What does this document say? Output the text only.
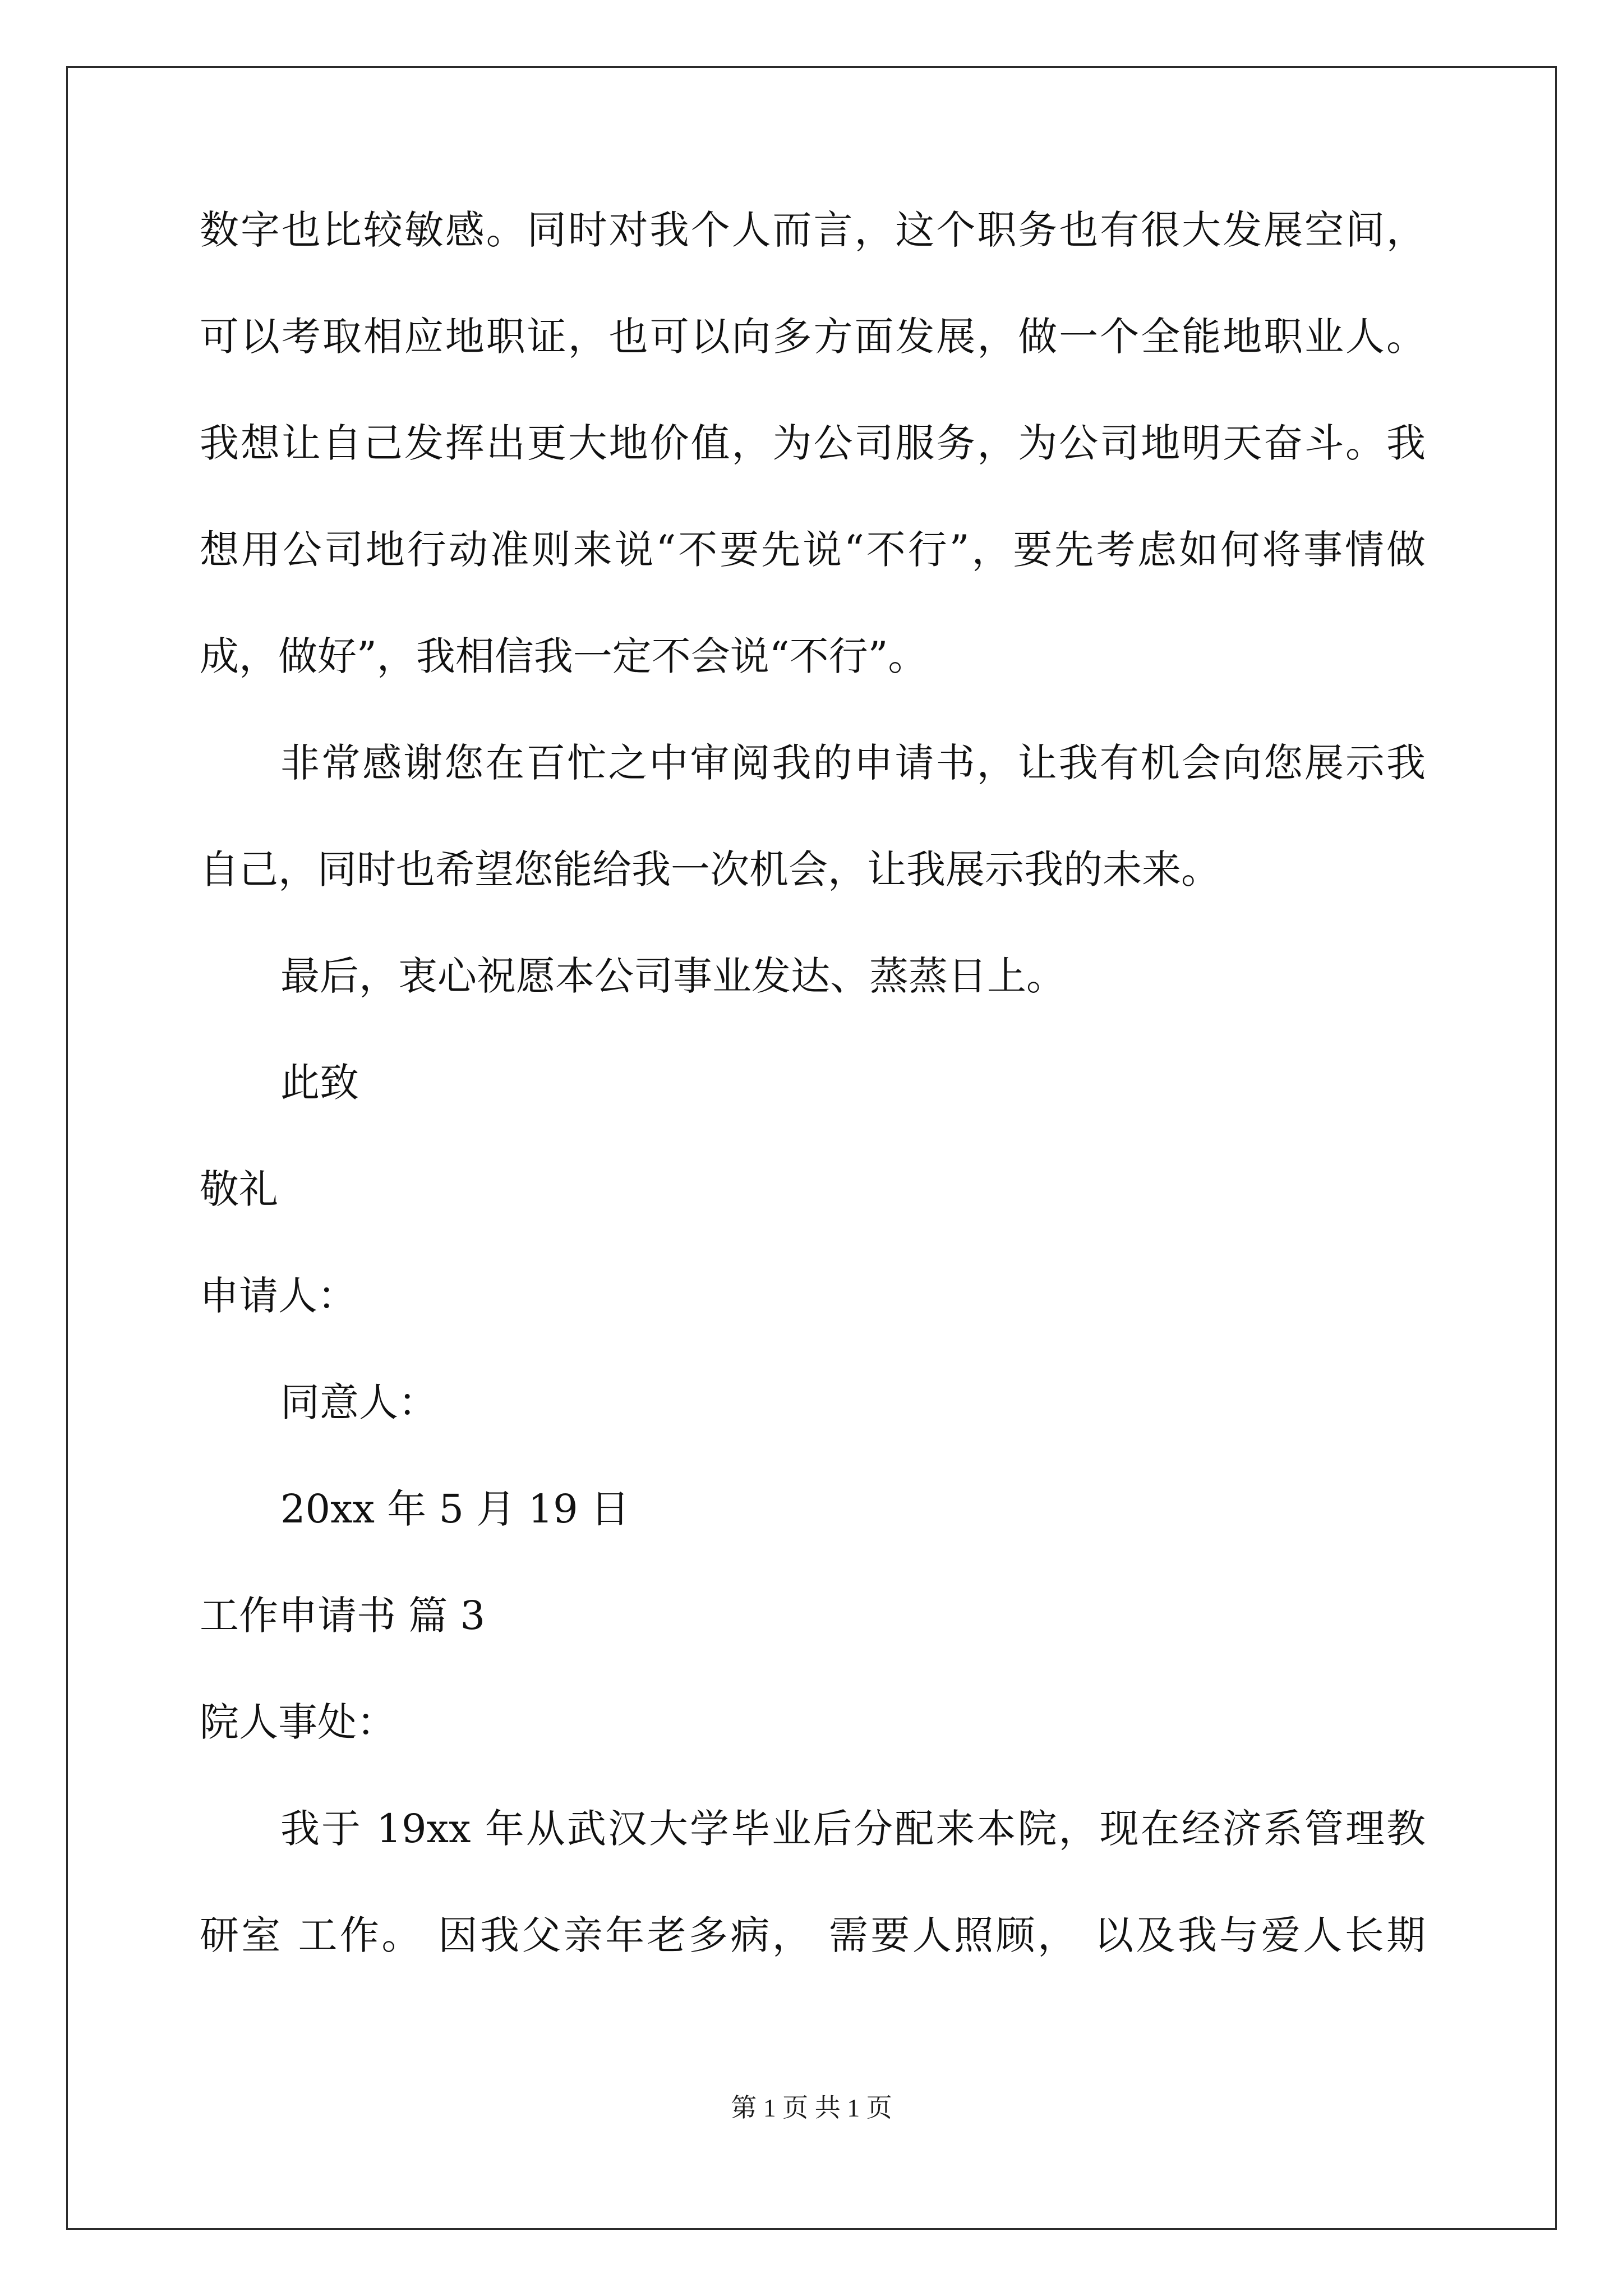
数字也比较敏感。同时对我个人而言，这个职务也有很大发展空间，
可以考取相应地职证，也可以向多方面发展，做一个全能地职业人。
我想让自己发挥出更大地价值，为公司服务，为公司地明天奋斗。我
想用公司地行动准则来说“不要先说“不行”，要先考虑如何将事情做
成，做好”，我相信我一定不会说“不行”。
非常感谢您在百忙之中审阅我的申请书，让我有机会向您展示我
自己，同时也希望您能给我一次机会，让我展示我的未来。
最后，衷心祝愿本公司事业发达、蒸蒸日上。
此致
敬礼
申请人：
同意人：
20xx 年 5 月 19 日
工作申请书 篇 3
院人事处：
我于 19xx 年从武汉大学毕业后分配来本院，现在经济系管理教
研室 工作。 因我父亲年老多病， 需要人照顾， 以及我与爱人长期
第 1 页 共 1 页
